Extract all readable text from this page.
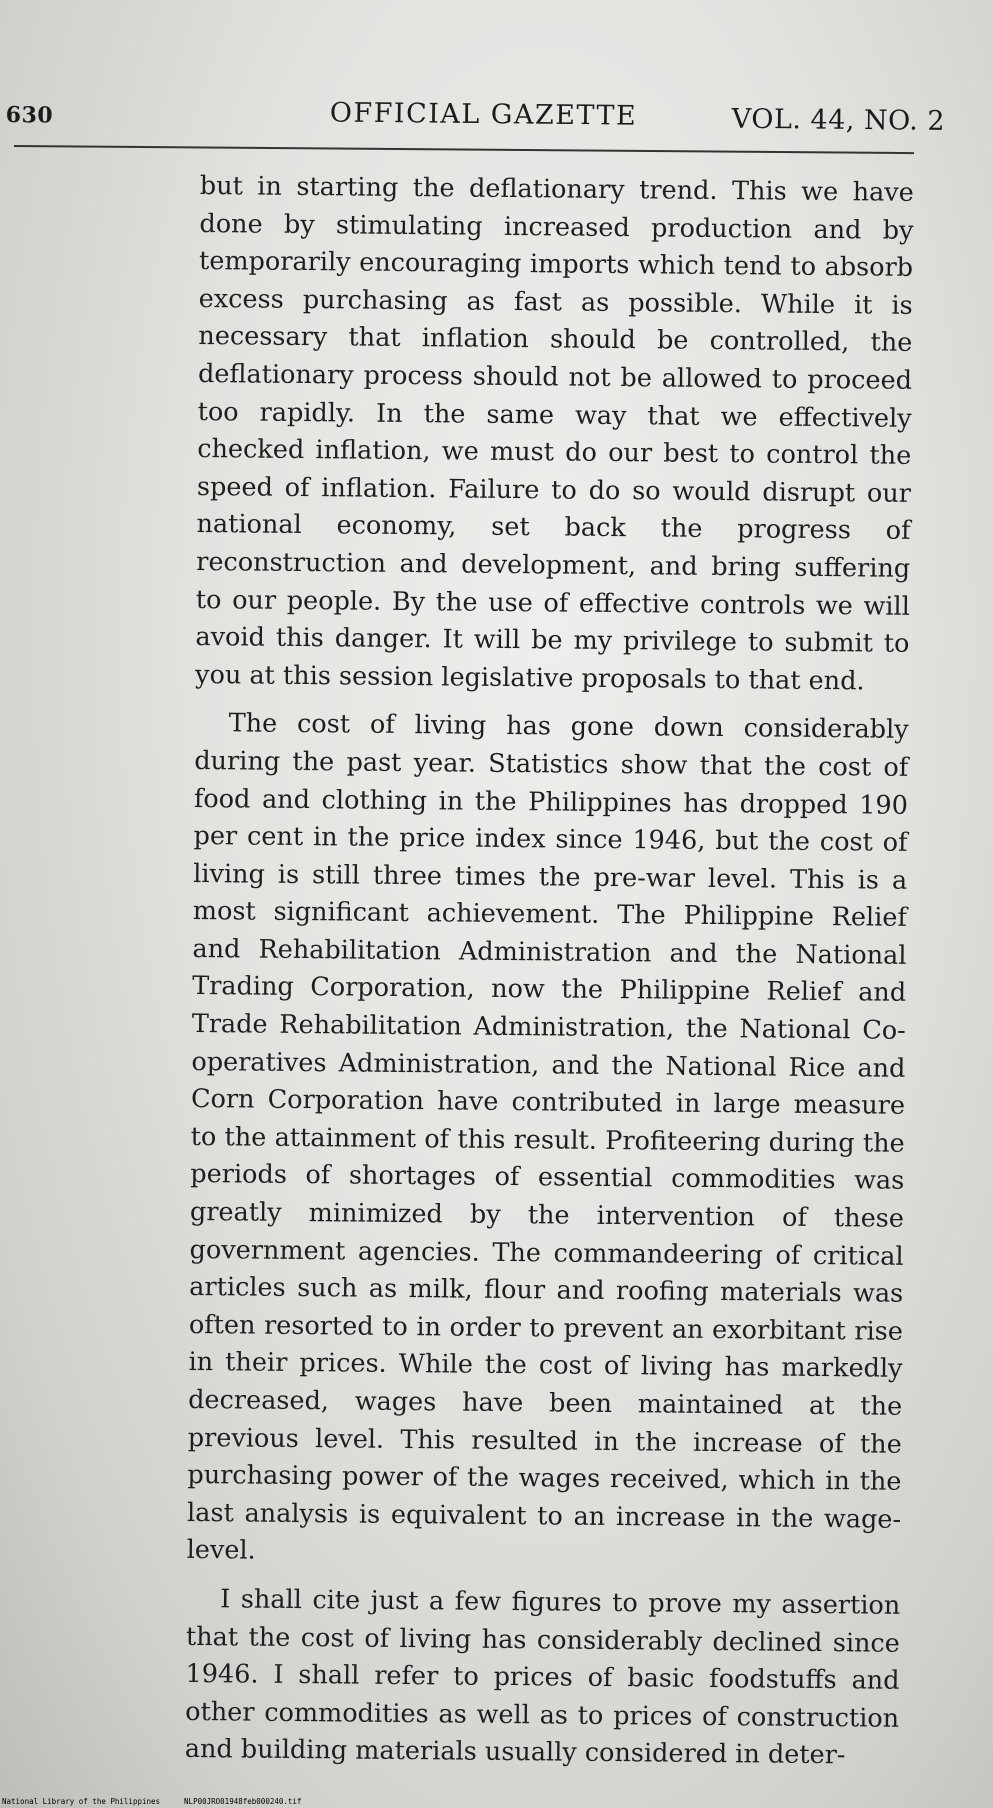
630	OFFICIAL GAZETTE	VOL. 44, NO. 2

but in starting the deflationary trend. This we have done by stimulating increased production and by temporarily encouraging imports which tend to absorb excess purchasing as fast as possible. While it is necessary that inflation should be controlled, the deflationary process should not be allowed to proceed too rapidly. In the same way that we effectively checked inflation, we must do our best to control the speed of inflation. Failure to do so would disrupt our national economy, set back the progress of reconstruction and development, and bring suffering to our people. By the use of effective controls we will avoid this danger. It will be my privilege to submit to you at this session legislative proposals to that end.

The cost of living has gone down considerably during the past year. Statistics show that the cost of food and clothing in the Philippines has dropped 190 per cent in the price index since 1946, but the cost of living is still three times the pre-war level. This is a most significant achievement. The Philippine Relief and Rehabilitation Administration and the National Trading Corporation, now the Philippine Relief and Trade Rehabilitation Administration, the National Co-operatives Administration, and the National Rice and Corn Corporation have contributed in large measure to the attainment of this result. Profiteering during the periods of shortages of essential commodities was greatly minimized by the intervention of these government agencies. The commandeering of critical articles such as milk, flour and roofing materials was often resorted to in order to prevent an exorbitant rise in their prices. While the cost of living has markedly decreased, wages have been maintained at the previous level. This resulted in the increase of the purchasing power of the wages received, which in the last analysis is equivalent to an increase in the wage-level.

I shall cite just a few figures to prove my assertion that the cost of living has considerably declined since 1946. I shall refer to prices of basic foodstuffs and other commodities as well as to prices of construction and building materials usually considered in deter-

National Library of the Philippines	NLP00JRO01948feb000240.tif
